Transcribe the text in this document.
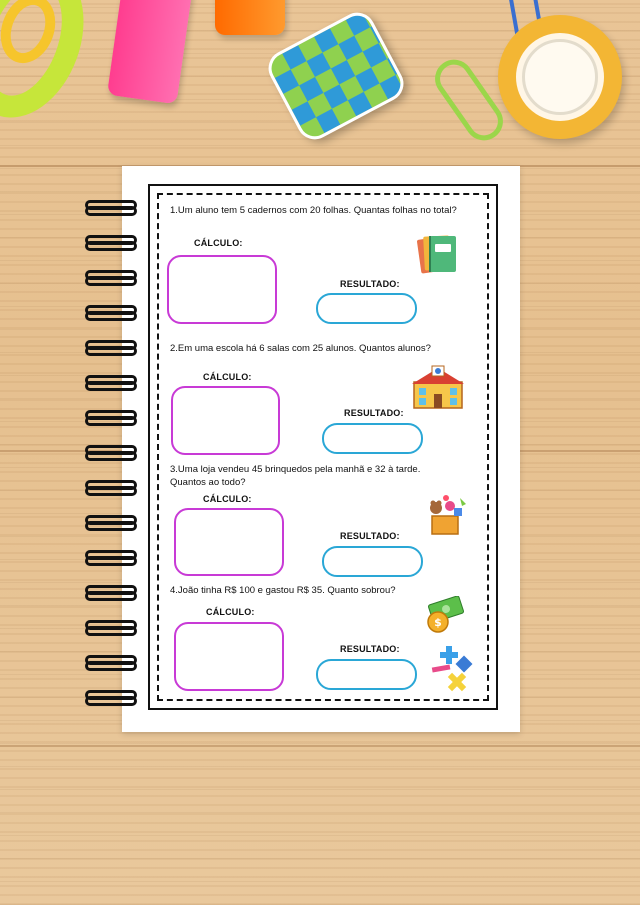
1.Um aluno tem 5 cadernos com 20 folhas. Quantas folhas no total?
CÁLCULO:
RESULTADO:
2.Em uma escola há 6 salas com 25 alunos. Quantos alunos?
CÁLCULO:
RESULTADO:
3.Uma loja vendeu 45 brinquedos pela manhã e 32 à tarde.
Quantos ao todo?
CÁLCULO:
RESULTADO:
4.João tinha R$ 100 e gastou R$ 35. Quanto sobrou?
CÁLCULO:
RESULTADO:
$
